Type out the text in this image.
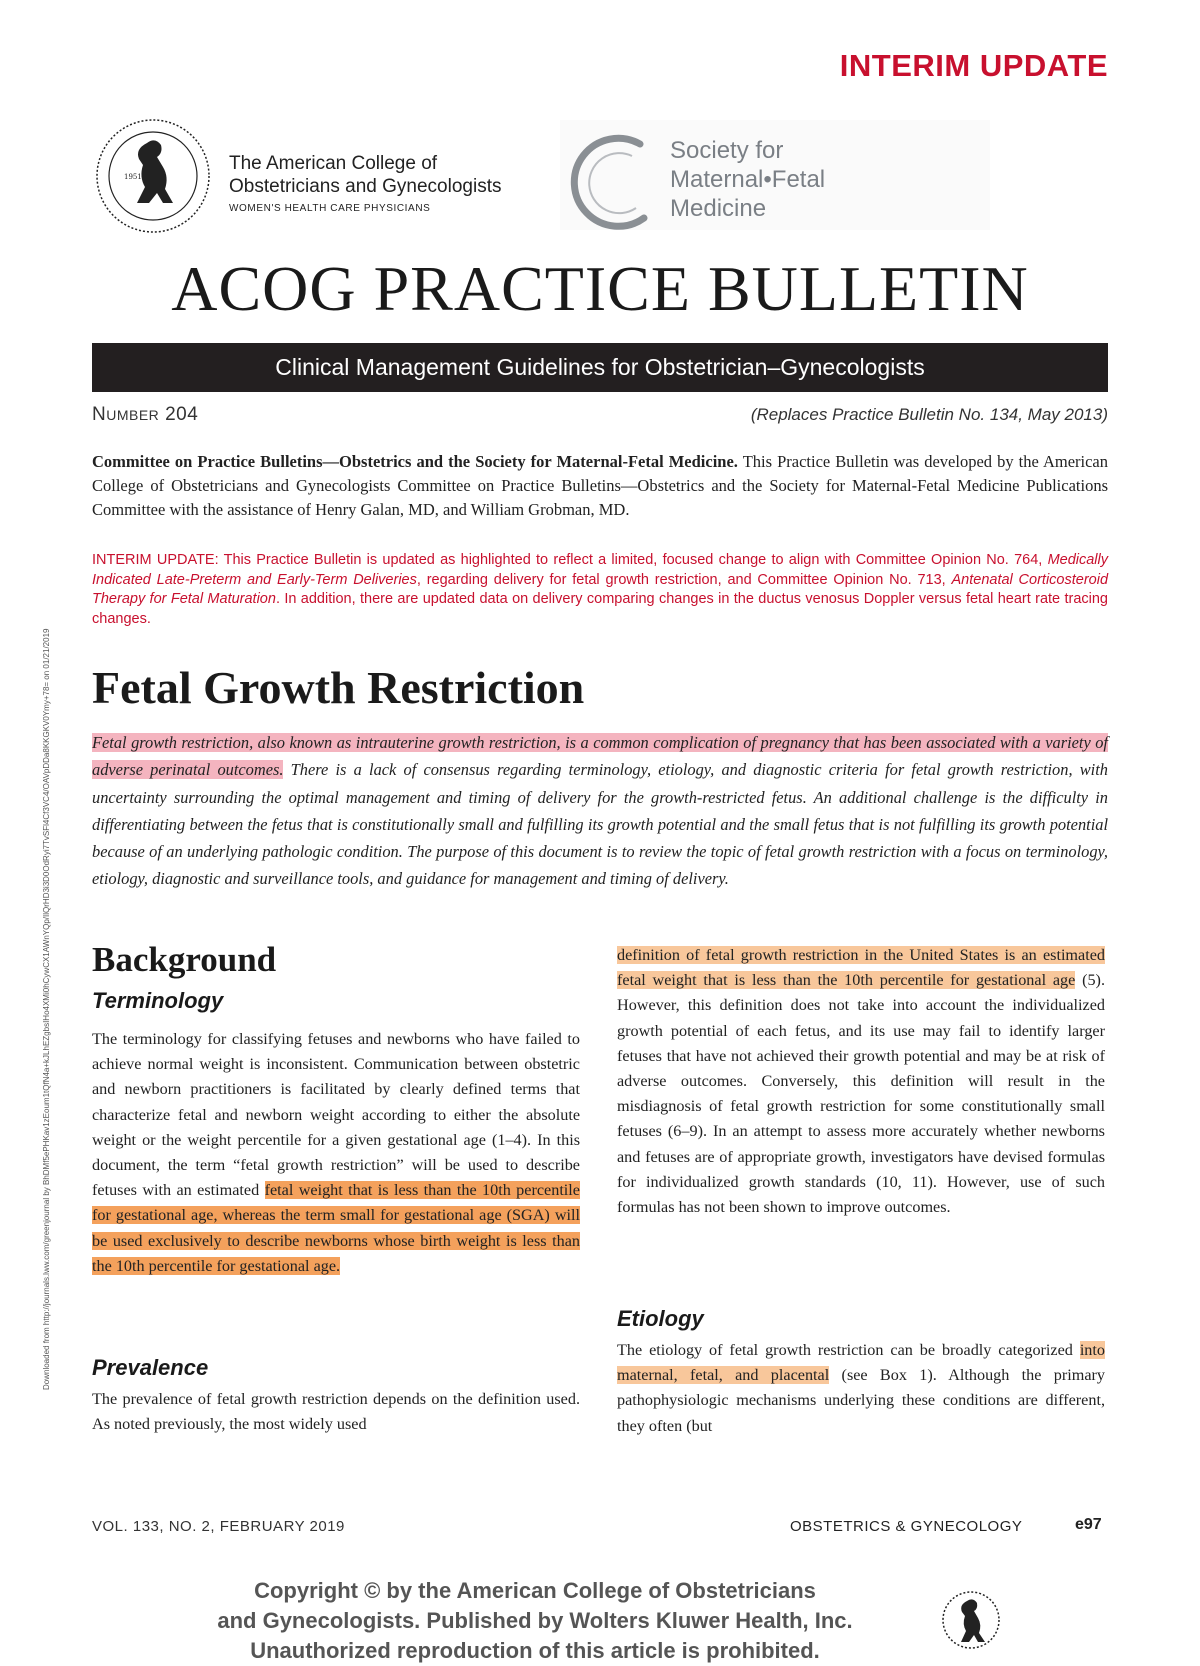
INTERIM UPDATE
1951
The American College of
Obstetricians and Gynecologists
WOMEN'S HEALTH CARE PHYSICIANS
Society for
Maternal•Fetal
Medicine
ACOG PRACTICE BULLETIN
Clinical Management Guidelines for Obstetrician–Gynecologists
NUMBER 204	(Replaces Practice Bulletin No. 134, May 2013)
Committee on Practice Bulletins—Obstetrics and the Society for Maternal-Fetal Medicine. This Practice Bulletin was developed by the American College of Obstetricians and Gynecologists Committee on Practice Bulletins—Obstetrics and the Society for Maternal-Fetal Medicine Publications Committee with the assistance of Henry Galan, MD, and William Grobman, MD.
INTERIM UPDATE: This Practice Bulletin is updated as highlighted to reflect a limited, focused change to align with Committee Opinion No. 764, Medically Indicated Late-Preterm and Early-Term Deliveries, regarding delivery for fetal growth restriction, and Committee Opinion No. 713, Antenatal Corticosteroid Therapy for Fetal Maturation. In addition, there are updated data on delivery comparing changes in the ductus venosus Doppler versus fetal heart rate tracing changes.
Fetal Growth Restriction
Fetal growth restriction, also known as intrauterine growth restriction, is a common complication of pregnancy that has been associated with a variety of adverse perinatal outcomes. There is a lack of consensus regarding terminology, etiology, and diagnostic criteria for fetal growth restriction, with uncertainty surrounding the optimal management and timing of delivery for the growth-restricted fetus. An additional challenge is the difficulty in differentiating between the fetus that is constitutionally small and fulfilling its growth potential and the small fetus that is not fulfilling its growth potential because of an underlying pathologic condition. The purpose of this document is to review the topic of fetal growth restriction with a focus on terminology, etiology, diagnostic and surveillance tools, and guidance for management and timing of delivery.
Background
Terminology
The terminology for classifying fetuses and newborns who have failed to achieve normal weight is inconsistent. Communication between obstetric and newborn practitioners is facilitated by clearly defined terms that characterize fetal and newborn weight according to either the absolute weight or the weight percentile for a given gestational age (1–4). In this document, the term “fetal growth restriction” will be used to describe fetuses with an estimated fetal weight that is less than the 10th percentile for gestational age, whereas the term small for gestational age (SGA) will be used exclusively to describe newborns whose birth weight is less than the 10th percentile for gestational age.
Prevalence
The prevalence of fetal growth restriction depends on the definition used. As noted previously, the most widely used
definition of fetal growth restriction in the United States is an estimated fetal weight that is less than the 10th percentile for gestational age (5). However, this definition does not take into account the individualized growth potential of each fetus, and its use may fail to identify larger fetuses that have not achieved their growth potential and may be at risk of adverse outcomes. Conversely, this definition will result in the misdiagnosis of fetal growth restriction for some constitutionally small fetuses (6–9). In an attempt to assess more accurately whether newborns and fetuses are of appropriate growth, investigators have devised formulas for individualized growth standards (10, 11). However, use of such formulas has not been shown to improve outcomes.
Etiology
The etiology of fetal growth restriction can be broadly categorized into maternal, fetal, and placental (see Box 1). Although the primary pathophysiologic mechanisms underlying these conditions are different, they often (but
Downloaded from http://journals.lww.com/greenjournal by BhDMf5ePHKav1zEoum1tQfN4a+kJLhEZgbsIHo4XMi0hCywCX1AWnYQp/IlQrHD3i3D0OdRyi7TvSFl4Cf3VC4/OAVpDDa8KKGKV0Ymy+78= on 01/21/2019
VOL. 133, NO. 2, FEBRUARY 2019	OBSTETRICS & GYNECOLOGY	e97
Copyright © by the American College of Obstetricians
and Gynecologists. Published by Wolters Kluwer Health, Inc.
Unauthorized reproduction of this article is prohibited.
